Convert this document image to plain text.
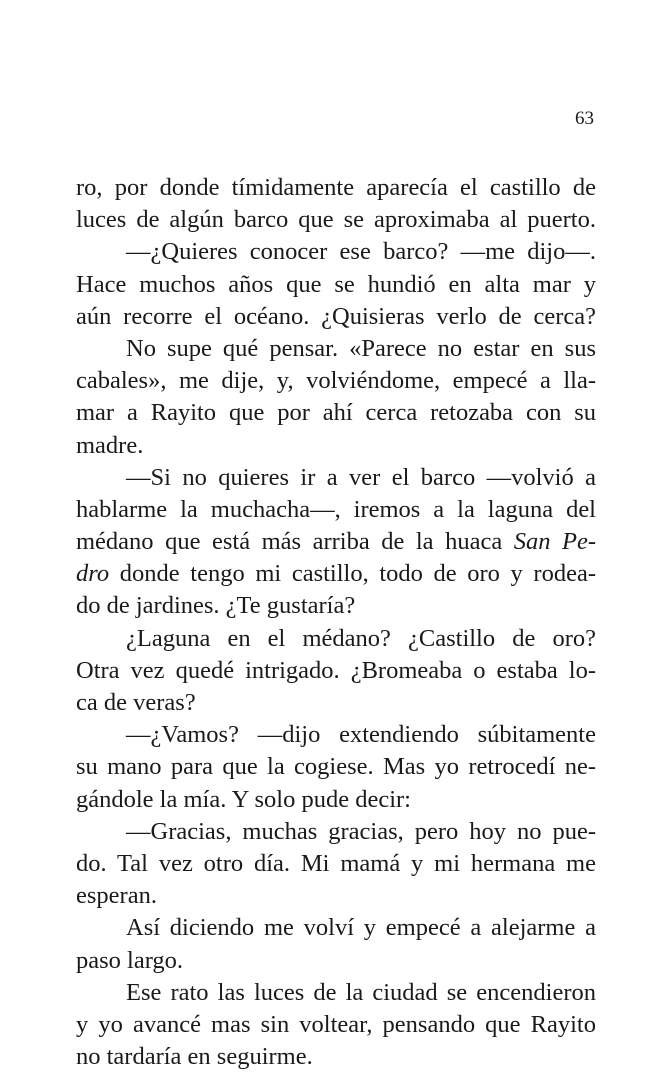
63
ro, por donde tímidamente aparecía el castillo de
luces de algún barco que se aproximaba al puerto.
—¿Quieres conocer ese barco? —me dijo—.
Hace muchos años que se hundió en alta mar y
aún recorre el océano. ¿Quisieras verlo de cerca?
No supe qué pensar. «Parece no estar en sus
cabales», me dije, y, volviéndome, empecé a lla-
mar a Rayito que por ahí cerca retozaba con su
madre.
—Si no quieres ir a ver el barco —volvió a
hablarme la muchacha—, iremos a la laguna del
médano que está más arriba de la huaca San Pe-
dro donde tengo mi castillo, todo de oro y rodea-
do de jardines. ¿Te gustaría?
¿Laguna en el médano? ¿Castillo de oro?
Otra vez quedé intrigado. ¿Bromeaba o estaba lo-
ca de veras?
—¿Vamos? —dijo extendiendo súbitamente
su mano para que la cogiese. Mas yo retrocedí ne-
gándole la mía. Y solo pude decir:
—Gracias, muchas gracias, pero hoy no pue-
do. Tal vez otro día. Mi mamá y mi hermana me
esperan.
Así diciendo me volví y empecé a alejarme a
paso largo.
Ese rato las luces de la ciudad se encendieron
y yo avancé mas sin voltear, pensando que Rayito
no tardaría en seguirme.
